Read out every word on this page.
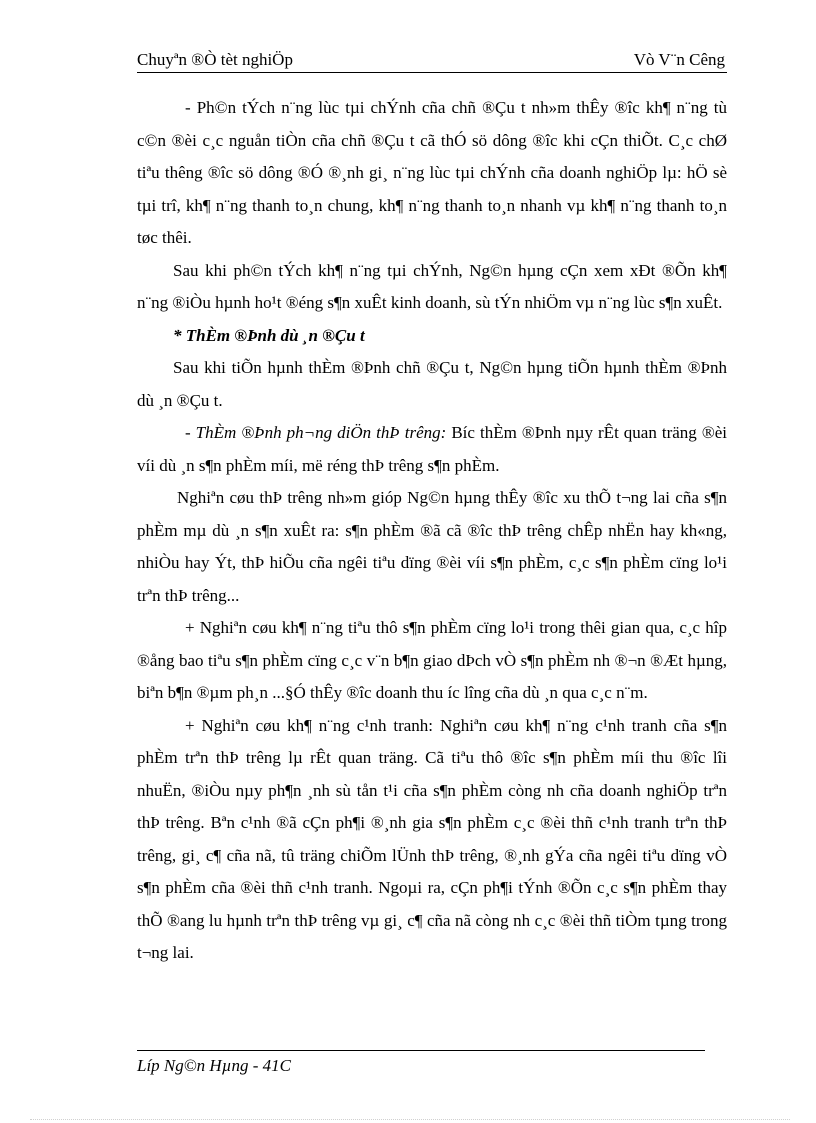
Chuyªn ®Ò tèt nghiÖp	Vò V¨n Cêng

- Ph©n tÝch n¨ng lùc tµi chÝnh cña chñ ®Çu t nh»m thÊy ®îc kh¶ n¨ng tù c©n ®èi c¸c nguån tiÒn cña chñ ®Çu t cã thÓ sö dông ®îc khi cÇn thiÕt. C¸c chØ tiªu thêng ®îc sö dông ®Ó ®¸nh gi¸ n¨ng lùc tµi chÝnh cña doanh nghiÖp lµ: hÖ sè tµi trî, kh¶ n¨ng thanh to¸n chung, kh¶ n¨ng thanh to¸n nhanh vµ kh¶ n¨ng thanh to¸n tøc thêi.

Sau khi ph©n tÝch kh¶ n¨ng tµi chÝnh, Ng©n hµng cÇn xem xÐt ®Õn kh¶ n¨ng ®iÒu hµnh ho¹t ®éng s¶n xuÊt kinh doanh, sù tÝn nhiÖm vµ n¨ng lùc s¶n xuÊt.

* ThÈm ®Þnh dù ¸n ®Çu t

Sau khi tiÕn hµnh thÈm ®Þnh chñ ®Çu t, Ng©n hµng tiÕn hµnh thÈm ®Þnh dù ¸n ®Çu t.

- ThÈm ®Þnh ph¬ng diÖn thÞ trêng: Bíc thÈm ®Þnh nµy rÊt quan träng ®èi víi dù ¸n s¶n phÈm míi, më réng thÞ trêng s¶n phÈm.

Nghiªn cøu thÞ trêng nh»m gióp Ng©n hµng thÊy ®îc xu thÕ t¬ng lai cña s¶n phÈm mµ dù ¸n s¶n xuÊt ra: s¶n phÈm ®ã cã ®îc thÞ trêng chÊp nhËn hay kh«ng, nhiÒu hay Ýt, thÞ hiÕu cña ngêi tiªu dïng ®èi víi s¶n phÈm, c¸c s¶n phÈm cïng lo¹i trªn thÞ trêng...

+ Nghiªn cøu kh¶ n¨ng tiªu thô s¶n phÈm cïng lo¹i trong thêi gian qua, c¸c hîp ®ång bao tiªu s¶n phÈm cïng c¸c v¨n b¶n giao dÞch vÒ s¶n phÈm nh ®¬n ®Æt hµng, biªn b¶n ®µm ph¸n ...§Ó thÊy ®îc doanh thu íc lîng cña dù ¸n qua c¸c n¨m.

+ Nghiªn cøu kh¶ n¨ng c¹nh tranh: Nghiªn cøu kh¶ n¨ng c¹nh tranh cña s¶n phÈm trªn thÞ trêng lµ rÊt quan träng. Cã tiªu thô ®îc s¶n phÈm míi thu ®îc lîi nhuËn, ®iÒu nµy ph¶n ¸nh sù tån t¹i cña s¶n phÈm còng nh cña doanh nghiÖp trªn thÞ trêng. Bªn c¹nh ®ã cÇn ph¶i ®¸nh gia s¶n phÈm c¸c ®èi thñ c¹nh tranh trªn thÞ trêng, gi¸ c¶ cña nã, tû träng chiÕm lÜnh thÞ trêng, ®¸nh gÝa cña ngêi tiªu dïng vÒ s¶n phÈm cña ®èi thñ c¹nh tranh. Ngoµi ra, cÇn ph¶i tÝnh ®Õn c¸c s¶n phÈm thay thÕ ®ang lu hµnh trªn thÞ trêng vµ gi¸ c¶ cña nã còng nh c¸c ®èi thñ tiÒm tµng trong t¬ng lai.

Líp Ng©n Hµng - 41C
